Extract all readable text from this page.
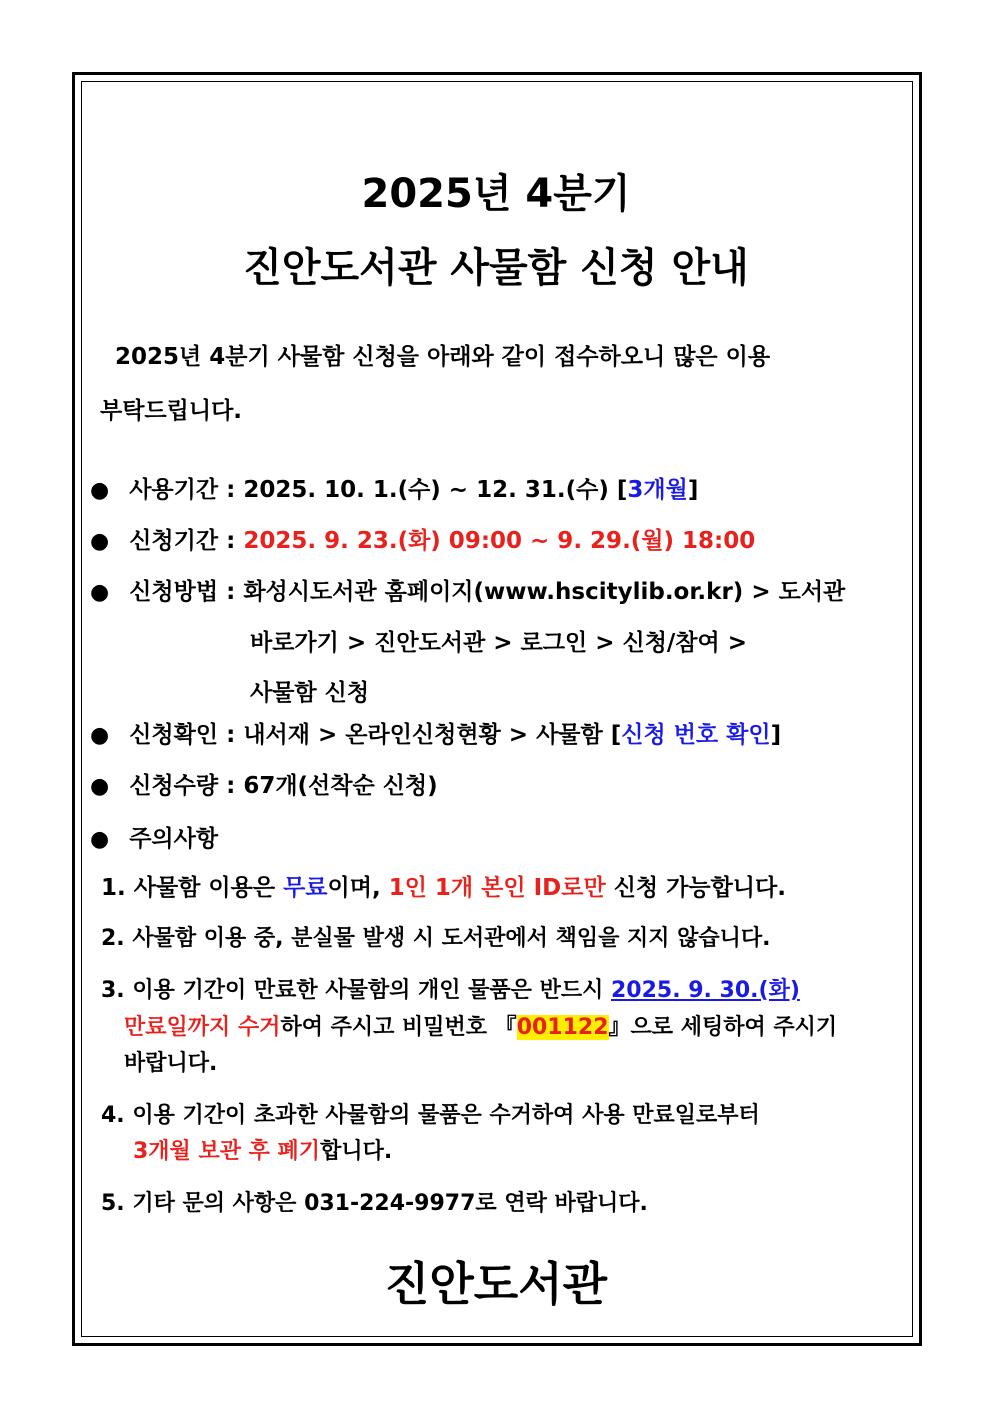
2025년 4분기
진안도서관 사물함 신청 안내
2025년 4분기 사물함 신청을 아래와 같이 접수하오니 많은 이용
부탁드립니다.
● 사용기간 : 2025. 10. 1.(수) ~ 12. 31.(수) [3개월]
● 신청기간 : 2025. 9. 23.(화) 09:00 ~ 9. 29.(월) 18:00
● 신청방법 : 화성시도서관 홈페이지(www.hscitylib.or.kr) > 도서관
바로가기 > 진안도서관 > 로그인 > 신청/참여 >
사물함 신청
● 신청확인 : 내서재 > 온라인신청현황 > 사물함 [신청 번호 확인]
● 신청수량 : 67개(선착순 신청)
● 주의사항
1. 사물함 이용은 무료이며, 1인 1개 본인 ID로만 신청 가능합니다.
2. 사물함 이용 중, 분실물 발생 시 도서관에서 책임을 지지 않습니다.
3. 이용 기간이 만료한 사물함의 개인 물품은 반드시 2025. 9. 30.(화)
만료일까지 수거하여 주시고 비밀번호 『001122』으로 세팅하여 주시기
바랍니다.
4. 이용 기간이 초과한 사물함의 물품은 수거하여 사용 만료일로부터
3개월 보관 후 폐기합니다.
5. 기타 문의 사항은 031-224-9977로 연락 바랍니다.
진안도서관
